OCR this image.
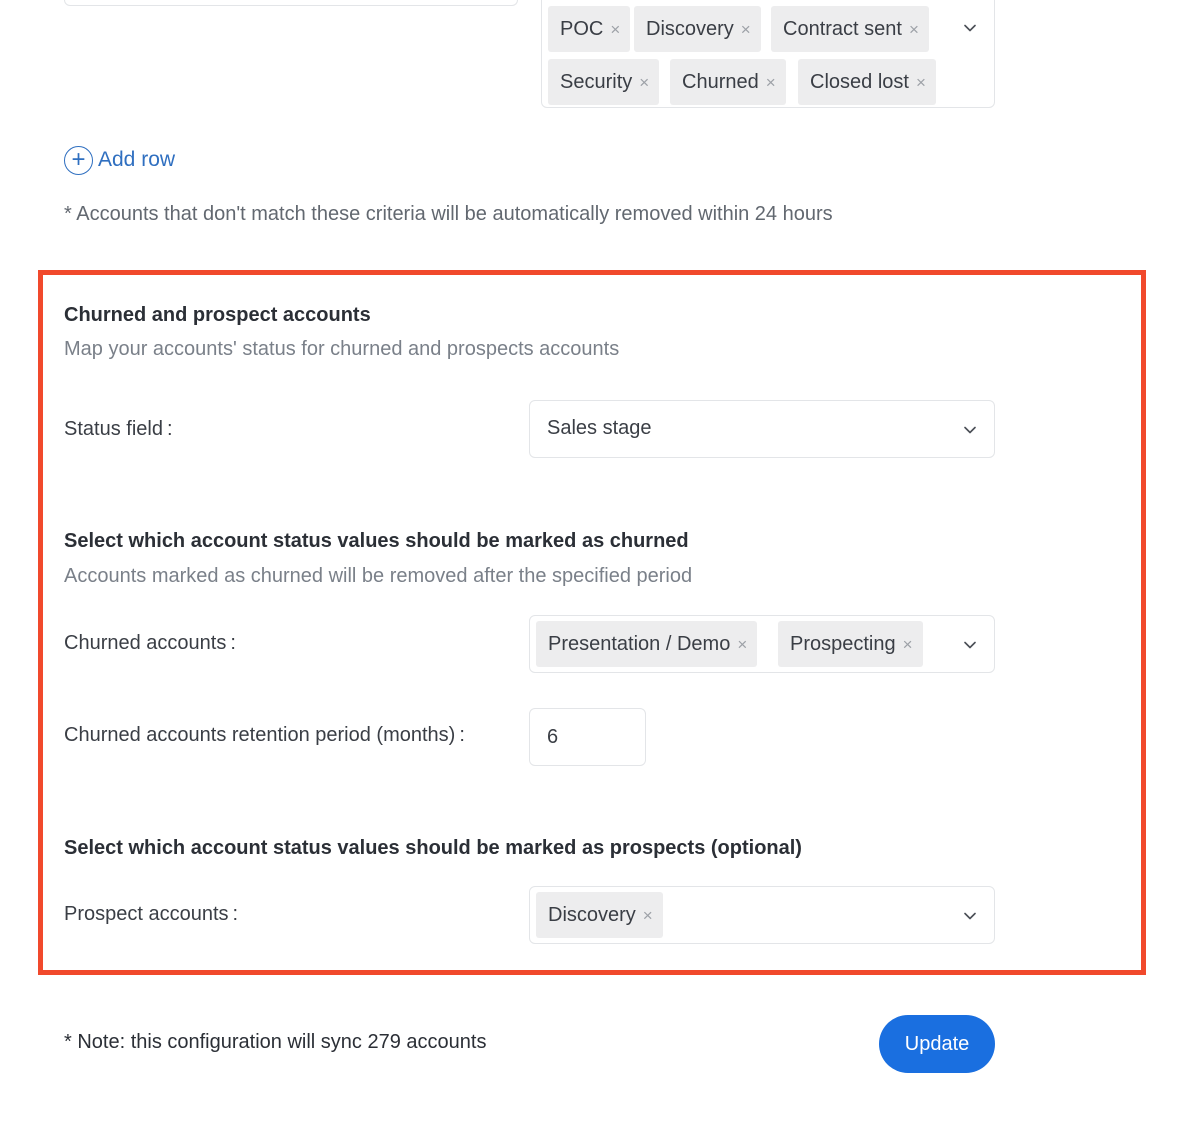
POC × Discovery × Contract sent ×
Security × Churned × Closed lost ×
+ Add row
* Accounts that don't match these criteria will be automatically removed within 24 hours
Churned and prospect accounts
Map your accounts' status for churned and prospects accounts
Status field :	Sales stage
Select which account status values should be marked as churned
Accounts marked as churned will be removed after the specified period
Churned accounts :	Presentation / Demo × Prospecting ×
Churned accounts retention period (months) :
6
Select which account status values should be marked as prospects (optional)
Prospect accounts :	Discovery ×
* Note: this configuration will sync 279 accounts	Update
